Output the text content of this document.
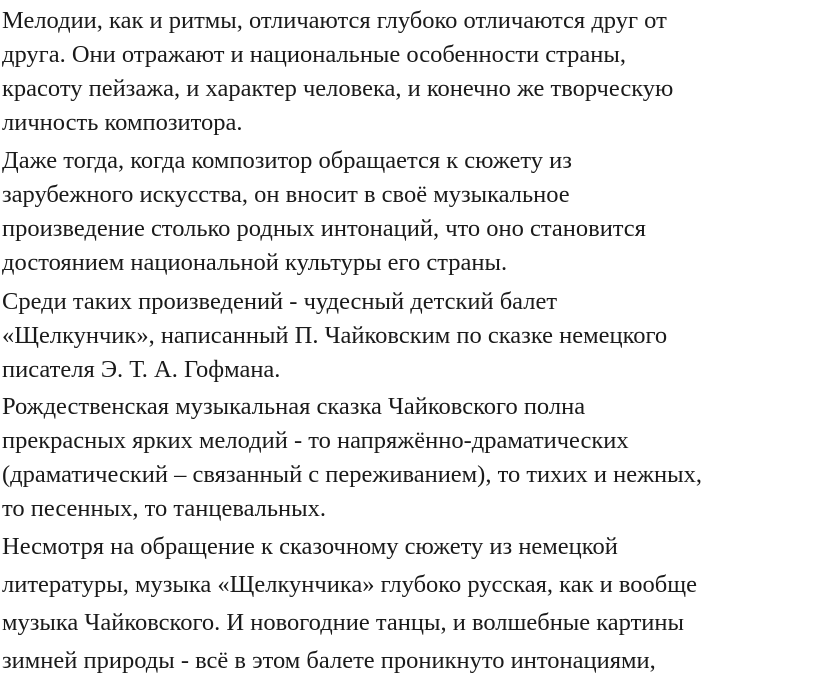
Мелодии, как и ритмы, отличаются глубоко отличаются друг от
друга. Они отражают и национальные особенности страны,
красоту пейзажа, и характер человека, и конечно же творческую
личность композитора.

Даже тогда, когда композитор обращается к сюжету из
зарубежного искусства, он вносит в своё музыкальное
произведение столько родных интонаций, что оно становится
достоянием национальной культуры его страны.

Среди таких произведений - чудесный детский балет
«Щелкунчик», написанный П. Чайковским по сказке немецкого
писателя Э. Т. А. Гофмана.

Рождественская музыкальная сказка Чайковского полна
прекрасных ярких мелодий - то напряжённо-драматических
(драматический – связанный с переживанием), то тихих и нежных,
то песенных, то танцевальных.

Несмотря на обращение к сказочному сюжету из немецкой
литературы, музыка «Щелкунчика» глубоко русская, как и вообще
музыка Чайковского. И новогодние танцы, и волшебные картины
зимней природы - всё в этом балете проникнуто интонациями,
